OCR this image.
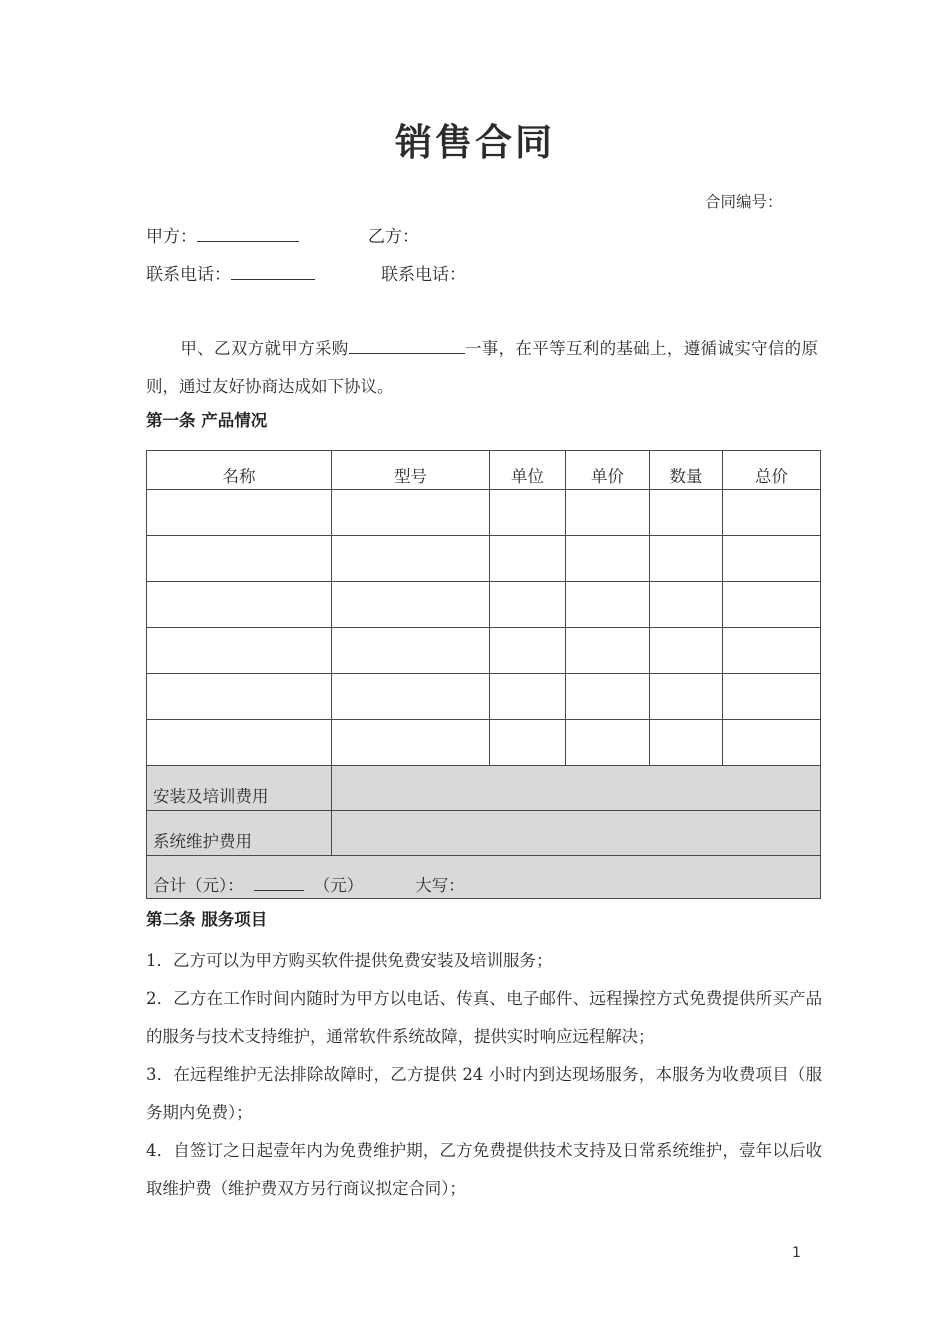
销售合同
合同编号：
甲方：	乙方：
联系电话：	联系电话：
甲、乙双方就甲方采购	一事，在平等互利的基础上，遵循诚实守信的原则，通过友好协商达成如下协议。
第一条 产品情况
名称	型号	单位	单价	数量	总价

安装及培训费用					
系统维护费用					
合计（元）： （元） 大写：					
第二条 服务项目

1．乙方可以为甲方购买软件提供免费安装及培训服务；

2．乙方在工作时间内随时为甲方以电话、传真、电子邮件、远程操控方式免费提供所买产品的服务与技术支持维护，通常软件系统故障，提供实时响应远程解决；

3．在远程维护无法排除故障时，乙方提供 24 小时内到达现场服务，本服务为收费项目（服务期内免费）；

4．自签订之日起壹年内为免费维护期，乙方免费提供技术支持及日常系统维护，壹年以后收取维护费（维护费双方另行商议拟定合同）；

1
